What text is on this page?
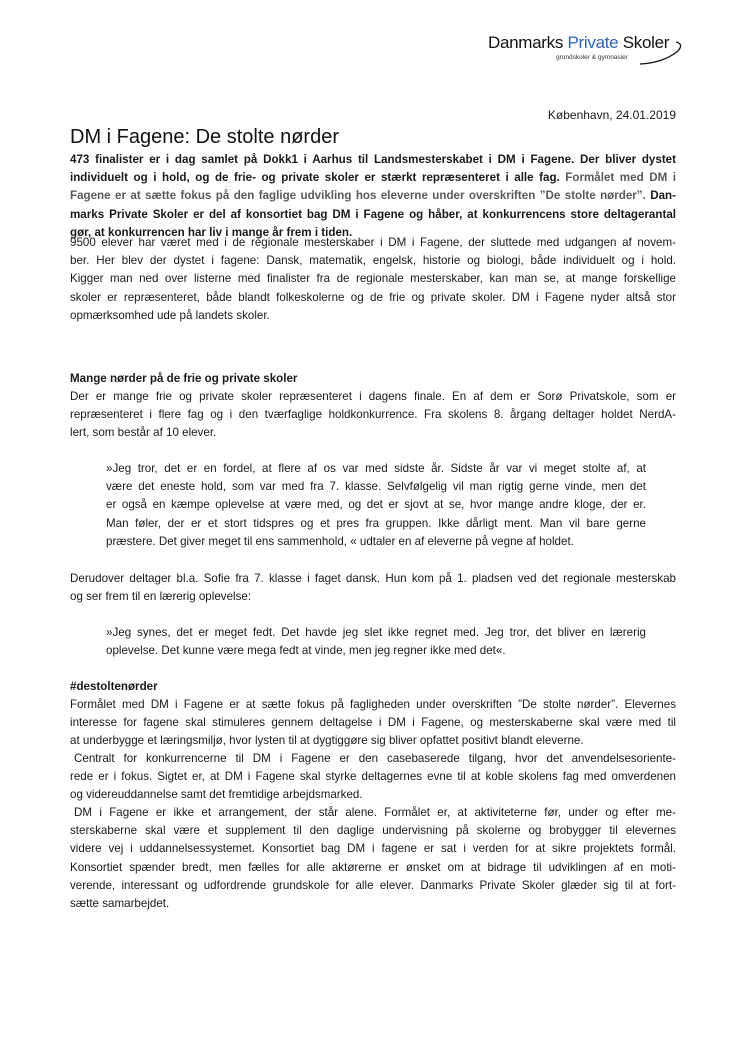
Danmarks Private Skoler
grundskoler & gymnasier
København, 24.01.2019
DM i Fagene: De stolte nørder
473 finalister er i dag samlet på Dokk1 i Aarhus til Landsmesterskabet i DM i Fagene. Der bliver dystet
individuelt og i hold, og de frie- og private skoler er stærkt repræsenteret i alle fag. Formålet med DM i
Fagene er at sætte fokus på den faglige udvikling hos eleverne under overskriften ”De stolte nørder”. Dan-
marks Private Skoler er del af konsortiet bag DM i Fagene og håber, at konkurrencens store deltagerantal
gør, at konkurrencen har liv i mange år frem i tiden.
9500 elever har været med i de regionale mesterskaber i DM i Fagene, der sluttede med udgangen af novem-
ber. Her blev der dystet i fagene: Dansk, matematik, engelsk, historie og biologi, både individuelt og i hold.
Kigger man ned over listerne med finalister fra de regionale mesterskaber, kan man se, at mange forskellige
skoler er repræsenteret, både blandt folkeskolerne og de frie og private skoler. DM i Fagene nyder altså stor
opmærksomhed ude på landets skoler.
Mange nørder på de frie og private skoler
Der er mange frie og private skoler repræsenteret i dagens finale. En af dem er Sorø Privatskole, som er
repræsenteret i flere fag og i den tværfaglige holdkonkurrence. Fra skolens 8. årgang deltager holdet NerdA-
lert, som består af 10 elever.
»Jeg tror, det er en fordel, at flere af os var med sidste år. Sidste år var vi meget stolte af, at
være det eneste hold, som var med fra 7. klasse. Selvfølgelig vil man rigtig gerne vinde, men det
er også en kæmpe oplevelse at være med, og det er sjovt at se, hvor mange andre kloge, der er.
Man føler, der er et stort tidspres og et pres fra gruppen. Ikke dårligt ment. Man vil bare gerne
præstere. Det giver meget til ens sammenhold, « udtaler en af eleverne på vegne af holdet.
Derudover deltager bl.a. Sofie fra 7. klasse i faget dansk. Hun kom på 1. pladsen ved det regionale mesterskab
og ser frem til en lærerig oplevelse:
»Jeg synes, det er meget fedt. Det havde jeg slet ikke regnet med. Jeg tror, det bliver en lærerig
oplevelse. Det kunne være mega fedt at vinde, men jeg regner ikke med det«.
#destoltenørder
Formålet med DM i Fagene er at sætte fokus på fagligheden under overskriften ”De stolte nørder”. Elevernes
interesse for fagene skal stimuleres gennem deltagelse i DM i Fagene, og mesterskaberne skal være med til
at underbygge et læringsmiljø, hvor lysten til at dygtiggøre sig bliver opfattet positivt blandt eleverne.
Centralt for konkurrencerne til DM i Fagene er den casebaserede tilgang, hvor det anvendelsesoriente-
rede er i fokus. Sigtet er, at DM i Fagene skal styrke deltagernes evne til at koble skolens fag med omverdenen
og videreuddannelse samt det fremtidige arbejdsmarked.
DM i Fagene er ikke et arrangement, der står alene. Formålet er, at aktiviteterne før, under og efter me-
sterskaberne skal være et supplement til den daglige undervisning på skolerne og brobygger til elevernes
videre vej i uddannelsessystemet. Konsortiet bag DM i fagene er sat i verden for at sikre projektets formål.
Konsortiet spænder bredt, men fælles for alle aktørerne er ønsket om at bidrage til udviklingen af en moti-
verende, interessant og udfordrende grundskole for alle elever. Danmarks Private Skoler glæder sig til at fort-
sætte samarbejdet.
